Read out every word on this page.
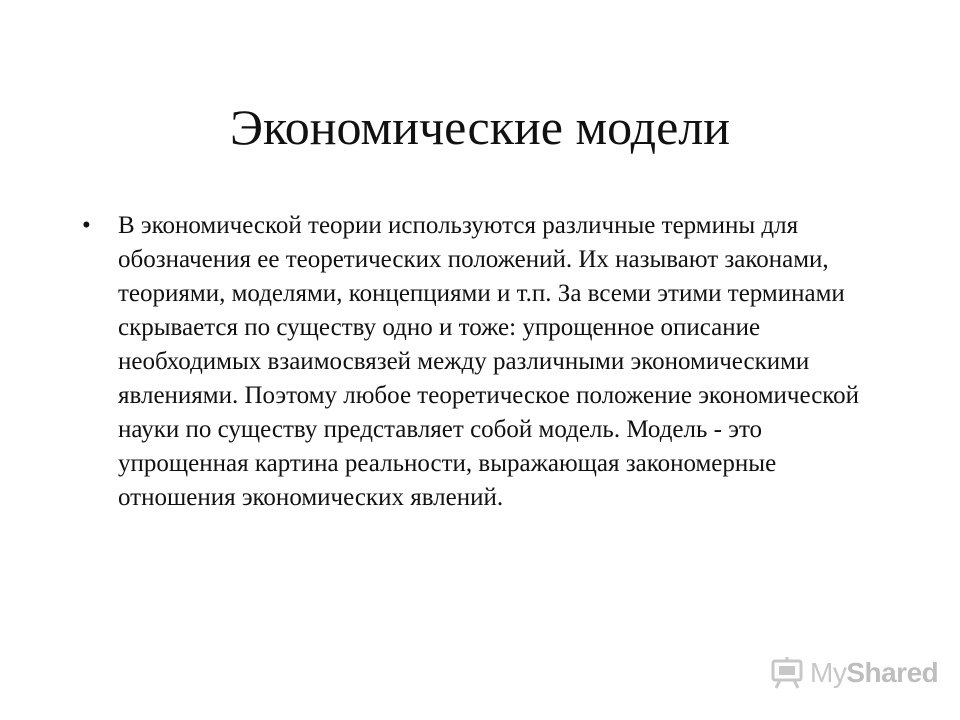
Экономические модели
•	В экономической теории используются различные термины для обозначения ее теоретических положений. Их называют законами, теориями, моделями, концепциями и т.п. За всеми этими терминами скрывается по существу одно и тоже: упрощенное описание необходимых взаимосвязей между различными экономическими явлениями. Поэтому любое теоретическое положение экономической науки по существу представляет собой модель. Модель - это упрощенная картина реальности, выражающая закономерные отношения экономических явлений.

MyShared
